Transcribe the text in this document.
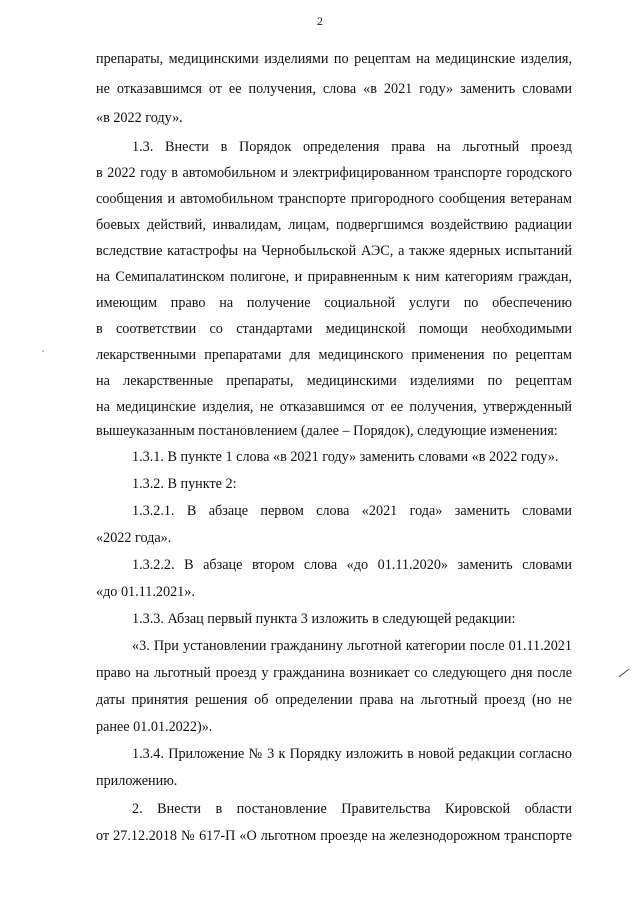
2
препараты, медицинскими изделиями по рецептам на медицинские изделия,
не отказавшимся от ее получения, слова «в 2021 году» заменить словами
«в 2022 году».
1.3. Внести в Порядок определения права на льготный проезд
в 2022 году в автомобильном и электрифицированном транспорте городского
сообщения и автомобильном транспорте пригородного сообщения ветеранам
боевых действий, инвалидам, лицам, подвергшимся воздействию радиации
вследствие катастрофы на Чернобыльской АЭС, а также ядерных испытаний
на Семипалатинском полигоне, и приравненным к ним категориям граждан,
имеющим право на получение социальной услуги по обеспечению
в соответствии со стандартами медицинской помощи необходимыми
лекарственными препаратами для медицинского применения по рецептам
на лекарственные препараты, медицинскими изделиями по рецептам
на медицинские изделия, не отказавшимся от ее получения, утвержденный
вышеуказанным постановлением (далее – Порядок), следующие изменения:
1.3.1. В пункте 1 слова «в 2021 году» заменить словами «в 2022 году».
1.3.2. В пункте 2:
1.3.2.1. В абзаце первом слова «2021 года» заменить словами
«2022 года».
1.3.2.2. В абзаце втором слова «до 01.11.2020» заменить словами
«до 01.11.2021».
1.3.3. Абзац первый пункта 3 изложить в следующей редакции:
«3. При установлении гражданину льготной категории после 01.11.2021
право на льготный проезд у гражданина возникает со следующего дня после
даты принятия решения об определении права на льготный проезд (но не
ранее 01.01.2022)».
1.3.4. Приложение № 3 к Порядку изложить в новой редакции согласно
приложению.
2. Внести в постановление Правительства Кировской области
от 27.12.2018 № 617-П «О льготном проезде на железнодорожном транспорте
